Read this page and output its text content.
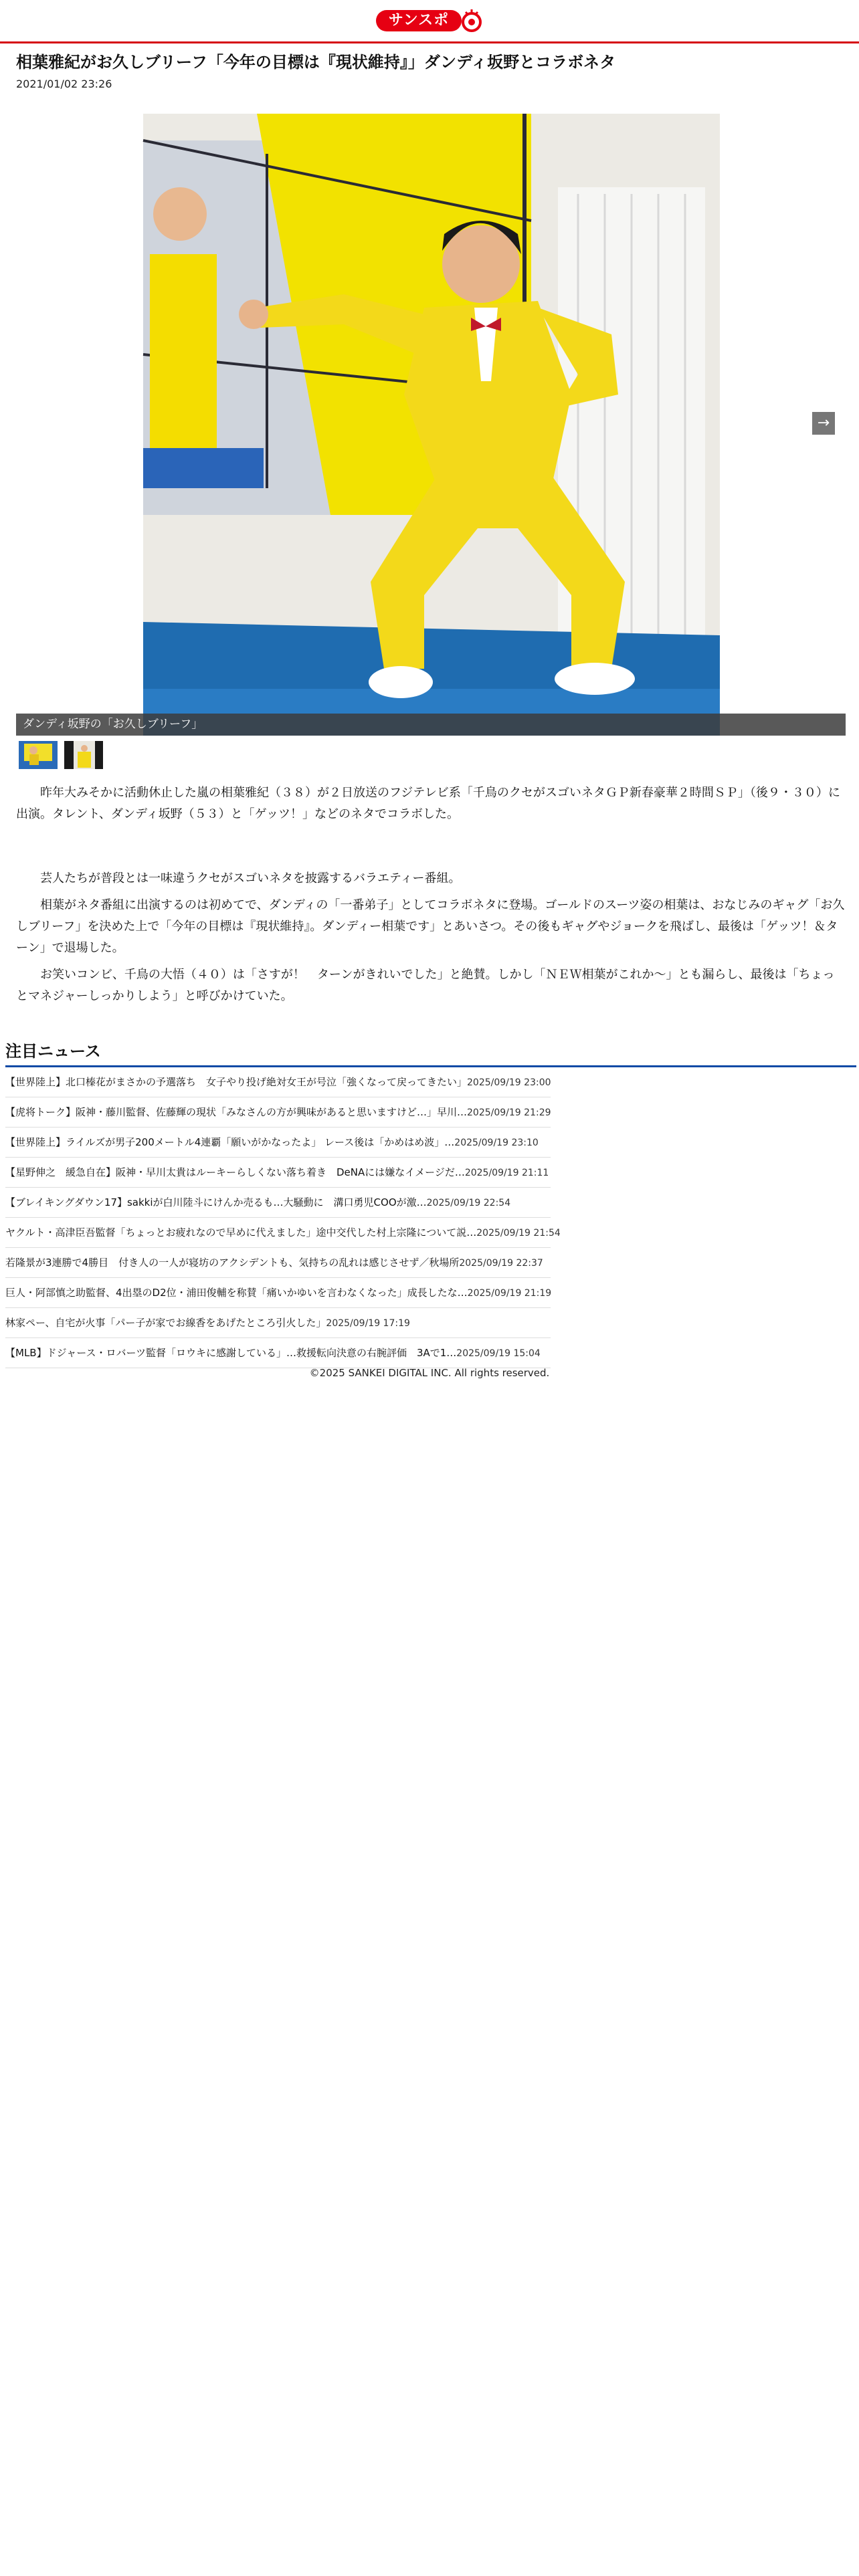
サンスポ
相葉雅紀がお久しブリーフ「今年の目標は『現状維持』」ダンディ坂野とコラボネタ
2021/01/02 23:26
→
ダンディ坂野の「お久しブリーフ」

昨年大みそかに活動休止した嵐の相葉雅紀（３８）が２日放送のフジテレビ系「千鳥のクセがスゴいネタＧＰ新春豪華２時間ＳＰ」（後９・３０）に出演。タレント、ダンディ坂野（５３）と「ゲッツ！」などのネタでコラボした。

芸人たちが普段とは一味違うクセがスゴいネタを披露するバラエティー番組。

相葉がネタ番組に出演するのは初めてで、ダンディの「一番弟子」としてコラボネタに登場。ゴールドのスーツ姿の相葉は、おなじみのギャグ「お久しブリーフ」を決めた上で「今年の目標は『現状維持』。ダンディー相葉です」とあいさつ。その後もギャグやジョークを飛ばし、最後は「ゲッツ！＆ターン」で退場した。

お笑いコンビ、千鳥の大悟（４０）は「さすが！　ターンがきれいでした」と絶賛。しかし「ＮＥＷ相葉がこれか～」とも漏らし、最後は「ちょっとマネジャーしっかりしよう」と呼びかけていた。

注目ニュース
【世界陸上】北口榛花がまさかの予選落ち　女子やり投げ絶対女王が号泣「強くなって戻ってきたい」2025/09/19 23:00
【虎将トーク】阪神・藤川監督、佐藤輝の現状「みなさんの方が興味があると思いますけど…」早川…2025/09/19 21:29
【世界陸上】ライルズが男子200メートル4連覇「願いがかなったよ」 レース後は「かめはめ波」…2025/09/19 23:10
【星野伸之　緩急自在】阪神・早川太貴はルーキーらしくない落ち着き　DeNAには嫌なイメージだ…2025/09/19 21:11
【ブレイキングダウン17】sakkiが白川陸斗にけんか売るも…大騒動に　溝口勇児COOが激…2025/09/19 22:54
ヤクルト・高津臣吾監督「ちょっとお疲れなので早めに代えました」途中交代した村上宗隆について説…2025/09/19 21:54
若隆景が3連勝で4勝目　付き人の一人が寝坊のアクシデントも、気持ちの乱れは感じさせず／秋場所2025/09/19 22:37
巨人・阿部慎之助監督、4出塁のD2位・浦田俊輔を称賛「痛いかゆいを言わなくなった」成長したな…2025/09/19 21:19
林家ペー、自宅が火事「パー子が家でお線香をあげたところ引火した」2025/09/19 17:19
【MLB】ドジャース・ロバーツ監督「ロウキに感謝している」…救援転向決意の右腕評価　3Aで1…2025/09/19 15:04
©2025 SANKEI DIGITAL INC. All rights reserved.
